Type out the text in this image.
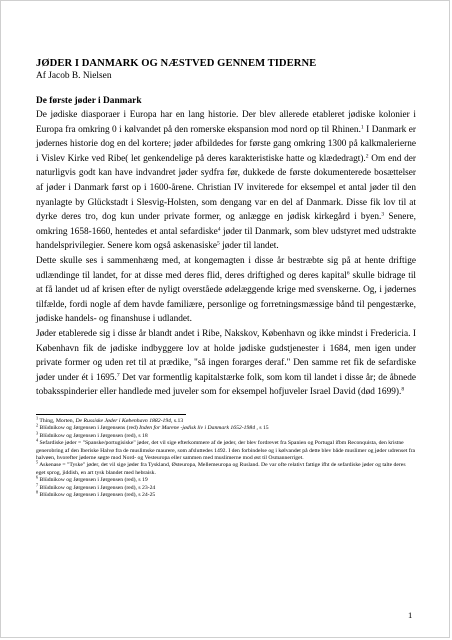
JØDER I DANMARK OG NÆSTVED GENNEM TIDERNE

Af Jacob B. Nielsen

De første jøder i Danmark

De jødiske diasporaer i Europa har en lang historie. Der blev allerede etableret jødiske kolonier i Europa fra omkring 0 i kølvandet på den romerske ekspansion mod nord op til Rhinen.$^1$ I Danmark er jødernes historie dog en del kortere; jøder afbildedes for første gang omkring 1300 på kalkmalerierne i Vislev Kirke ved Ribe( let genkendelige på deres karakteristiske hatte og klædedragt).$^2$ Om end der naturligvis godt kan have indvandret jøder sydfra før, dukkede de første dokumenterede bosættelser af jøder i Danmark først op i 1600-årene. Christian IV inviterede for eksempel et antal jøder til den nyanlagte by Glückstadt i Slesvig-Holsten, som dengang var en del af Danmark. Disse fik lov til at dyrke deres tro, dog kun under private former, og anlægge en jødisk kirkegård i byen.$^3$ Senere, omkring 1658-1660, hentedes et antal sefardiske$^4$ jøder til Danmark, som blev udstyret med udstrakte handelsprivilegier. Senere kom også askenasiske$^5$ jøder til landet.

Dette skulle ses i sammenhæng med, at kongemagten i disse år bestræbte sig på at hente driftige udlændinge til landet, for at disse med deres flid, deres driftighed og deres kapital$^6$ skulle bidrage til at få landet ud af krisen efter de nyligt overståede ødelæggende krige med svenskerne. Og, i jødernes tilfælde, fordi nogle af dem havde familiære, personlige og forretningsmæssige bånd til pengestærke, jødiske handels- og finanshuse i udlandet.

Jøder etablerede sig i disse år blandt andet i Ribe, Nakskov, København og ikke mindst i Fredericia. I København fik de jødiske indbyggere lov at holde jødiske gudstjenester i 1684, men igen under private former og uden ret til at prædike, "så ingen forarges deraf." Den samme ret fik de sefardiske jøder under ét i 1695.$^7$ Det var formentlig kapitalstærke folk, som kom til landet i disse år; de åbnede tobaksspinderier eller handlede med juveler som for eksempel hofjuveler Israel David (død 1699).$^8$

$^1$ Thing, Morten, De Russiske Jøder i København 1882-194, s.13

$^2$ Blüdnikow og Jørgensen i Jørgensens (red) Inden for Murene -jødisk liv i Danmark 1652-1984 , s 15

$^3$ Blüdnikow og Jørgensen i Jørgensen (red), s 18

$^4$ Sefardiske jøder = "Spanske/portugisiske" jøder, det vil sige efterkommere af de jøder, der blev fordrevet fra Spanien og Portugal ifbm Reconquista, den kristne generobring af den Iberiske Halvø fra de muslimske maurere, som afsluttedes 1492. I den forbindelse og i kølvandet på dette blev både muslimer og jøder udrenset fra halvøen, hvorefter jøderne søgte mod Nord- og Vesteuropa eller sammen med muslimerne mod øst til Osmannerriget.

$^5$ Askenase = "Tyske" jøder, det vil sige jøder fra Tyskland, Østeuropa, Mellemeuropa og Rusland. De var ofte relativt fattige ifht de sefardiske jøder og talte deres eget sprog, jiddish, en art tysk blandet med hebraisk.

$^6$ Blüdnikow og Jørgensen i Jørgensen (red), s 19

$^7$ Blüdnikow og Jørgensen i Jørgensen (red), s 23-24

$^8$ Blüdnikow og Jørgensen i Jørgensen (red), s 24-25

1
